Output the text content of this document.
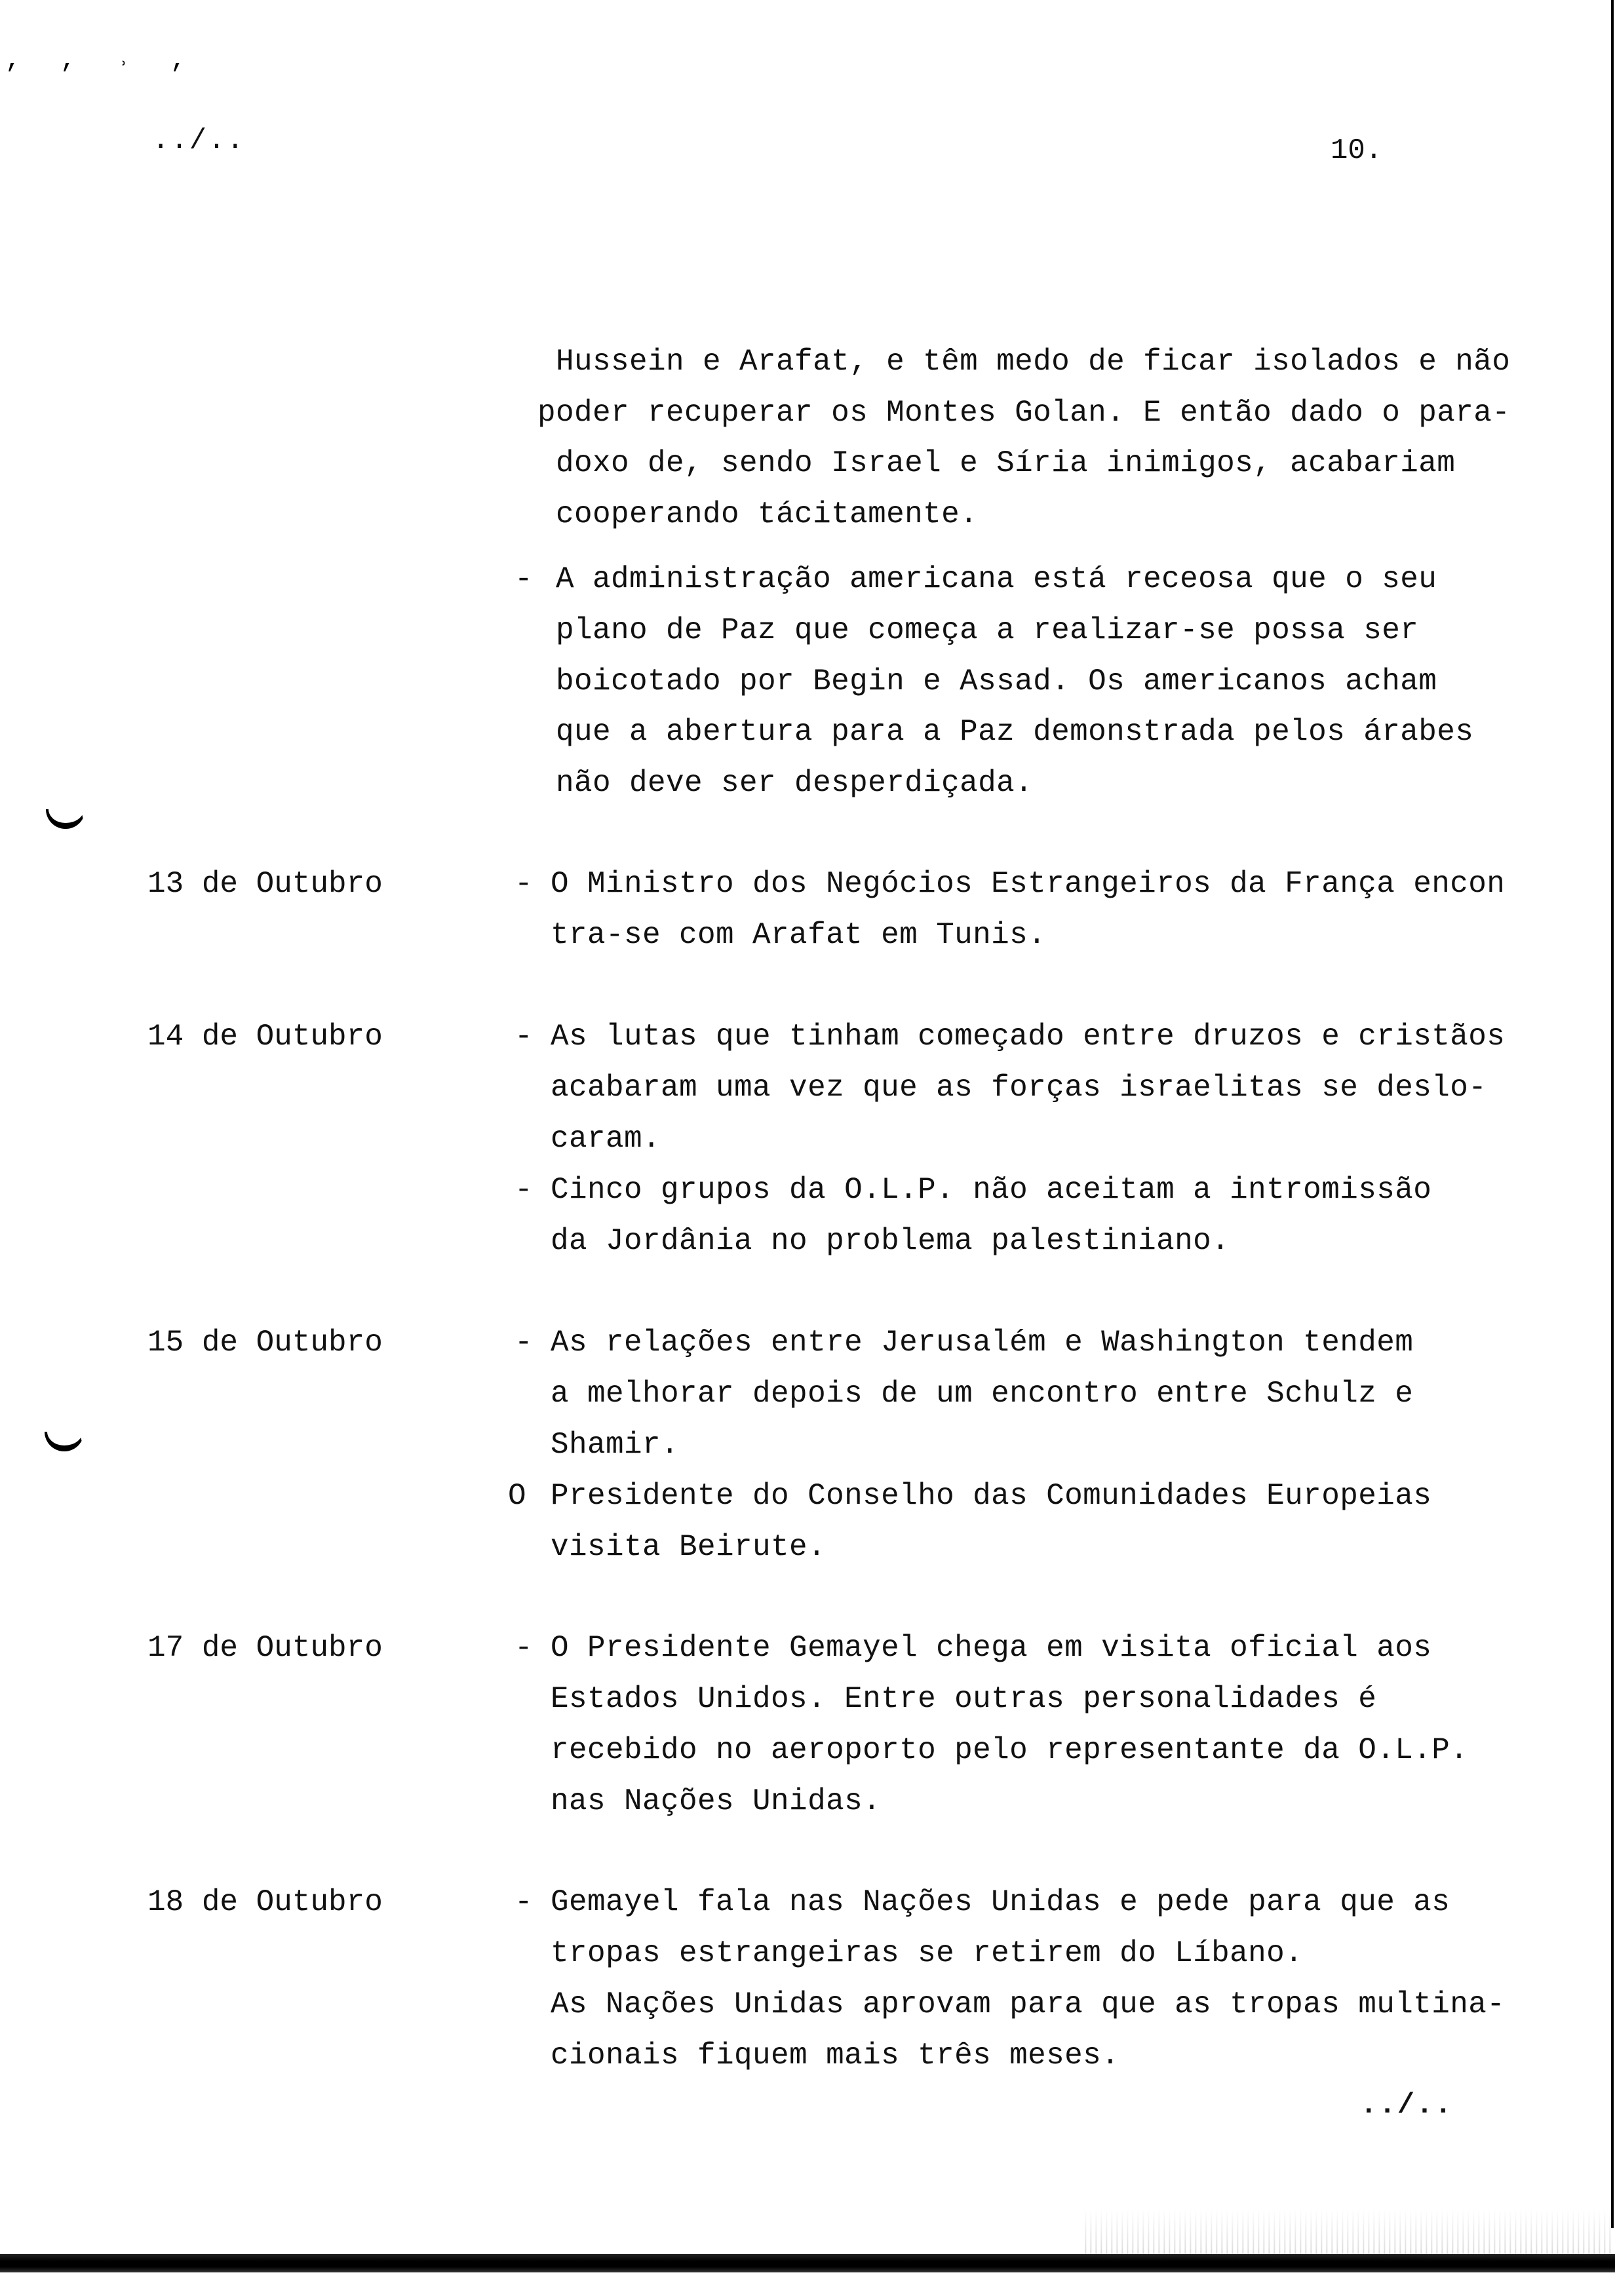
, , ˒ ,
../..	10.
Hussein e Arafat, e têm medo de ficar isolados e não
poder recuperar os Montes Golan. E então dado o para-
doxo de, sendo Israel e Síria inimigos, acabariam
cooperando tácitamente.
- A administração americana está receosa que o seu
plano de Paz que começa a realizar-se possa ser
boicotado por Begin e Assad. Os americanos acham
que a abertura para a Paz demonstrada pelos árabes
não deve ser desperdiçada.
13 de Outubro	- O Ministro dos Negócios Estrangeiros da França encon
tra-se com Arafat em Tunis.
14 de Outubro	- As lutas que tinham começado entre druzos e cristãos
acabaram uma vez que as forças israelitas se deslo-
caram.
- Cinco grupos da O.L.P. não aceitam a intromissão
da Jordânia no problema palestiniano.
15 de Outubro	- As relações entre Jerusalém e Washington tendem
a melhorar depois de um encontro entre Schulz e
Shamir.
O Presidente do Conselho das Comunidades Europeias
visita Beirute.
17 de Outubro	- O Presidente Gemayel chega em visita oficial aos
Estados Unidos. Entre outras personalidades é
recebido no aeroporto pelo representante da O.L.P.
nas Nações Unidas.
18 de Outubro	- Gemayel fala nas Nações Unidas e pede para que as
tropas estrangeiras se retirem do Líbano.
As Nações Unidas aprovam para que as tropas multina-
cionais fiquem mais três meses.
../..
